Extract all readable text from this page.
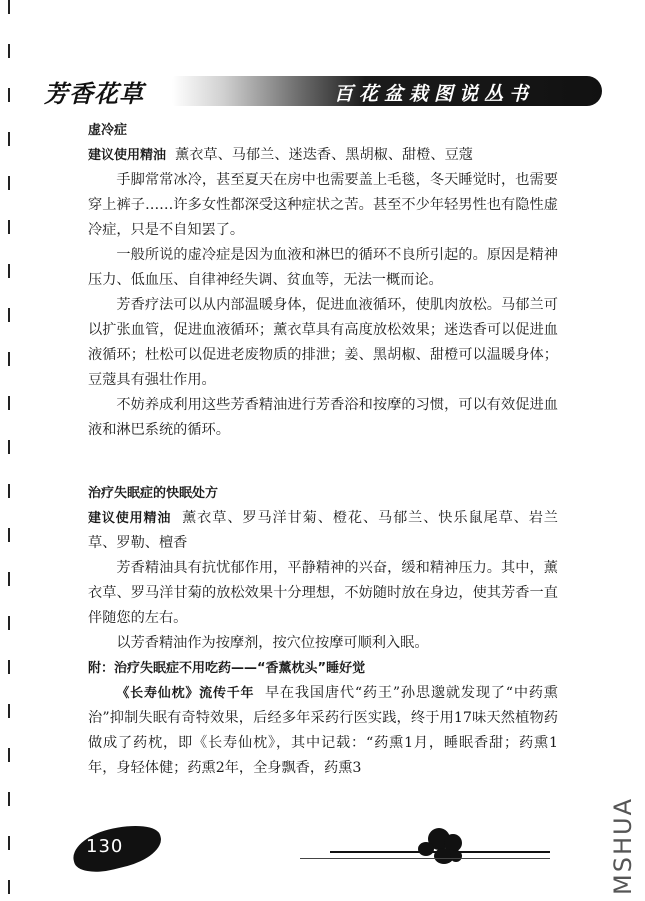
芳香花草	百花盆栽图说丛书

虚冷症

建议使用精油 薰衣草、马郁兰、迷迭香、黑胡椒、甜橙、豆蔻

手脚常常冰冷，甚至夏天在房中也需要盖上毛毯，冬天睡觉时，也需要穿上裤子……许多女性都深受这种症状之苦。甚至不少年轻男性也有隐性虚冷症，只是不自知罢了。

一般所说的虚冷症是因为血液和淋巴的循环不良所引起的。原因是精神压力、低血压、自律神经失调、贫血等，无法一概而论。

芳香疗法可以从内部温暖身体，促进血液循环，使肌肉放松。马郁兰可以扩张血管，促进血液循环；薰衣草具有高度放松效果；迷迭香可以促进血液循环；杜松可以促进老废物质的排泄；姜、黑胡椒、甜橙可以温暖身体；豆蔻具有强壮作用。

不妨养成利用这些芳香精油进行芳香浴和按摩的习惯，可以有效促进血液和淋巴系统的循环。

治疗失眠症的快眠处方

建议使用精油 薰衣草、罗马洋甘菊、橙花、马郁兰、快乐鼠尾草、岩兰草、罗勒、檀香

芳香精油具有抗忧郁作用，平静精神的兴奋，缓和精神压力。其中，薰衣草、罗马洋甘菊的放松效果十分理想，不妨随时放在身边，使其芳香一直伴随您的左右。

以芳香精油作为按摩剂，按穴位按摩可顺利入眠。

附：治疗失眠症不用吃药——“香薰枕头”睡好觉

《长寿仙枕》流传千年 早在我国唐代“药王”孙思邈就发现了“中药熏治”抑制失眠有奇特效果，后经多年采药行医实践，终于用17味天然植物药做成了药枕，即《长寿仙枕》，其中记载：“药熏1月，睡眠香甜；药熏1年，身轻体健；药熏2年，全身飘香，药熏3

130	MSHUA
